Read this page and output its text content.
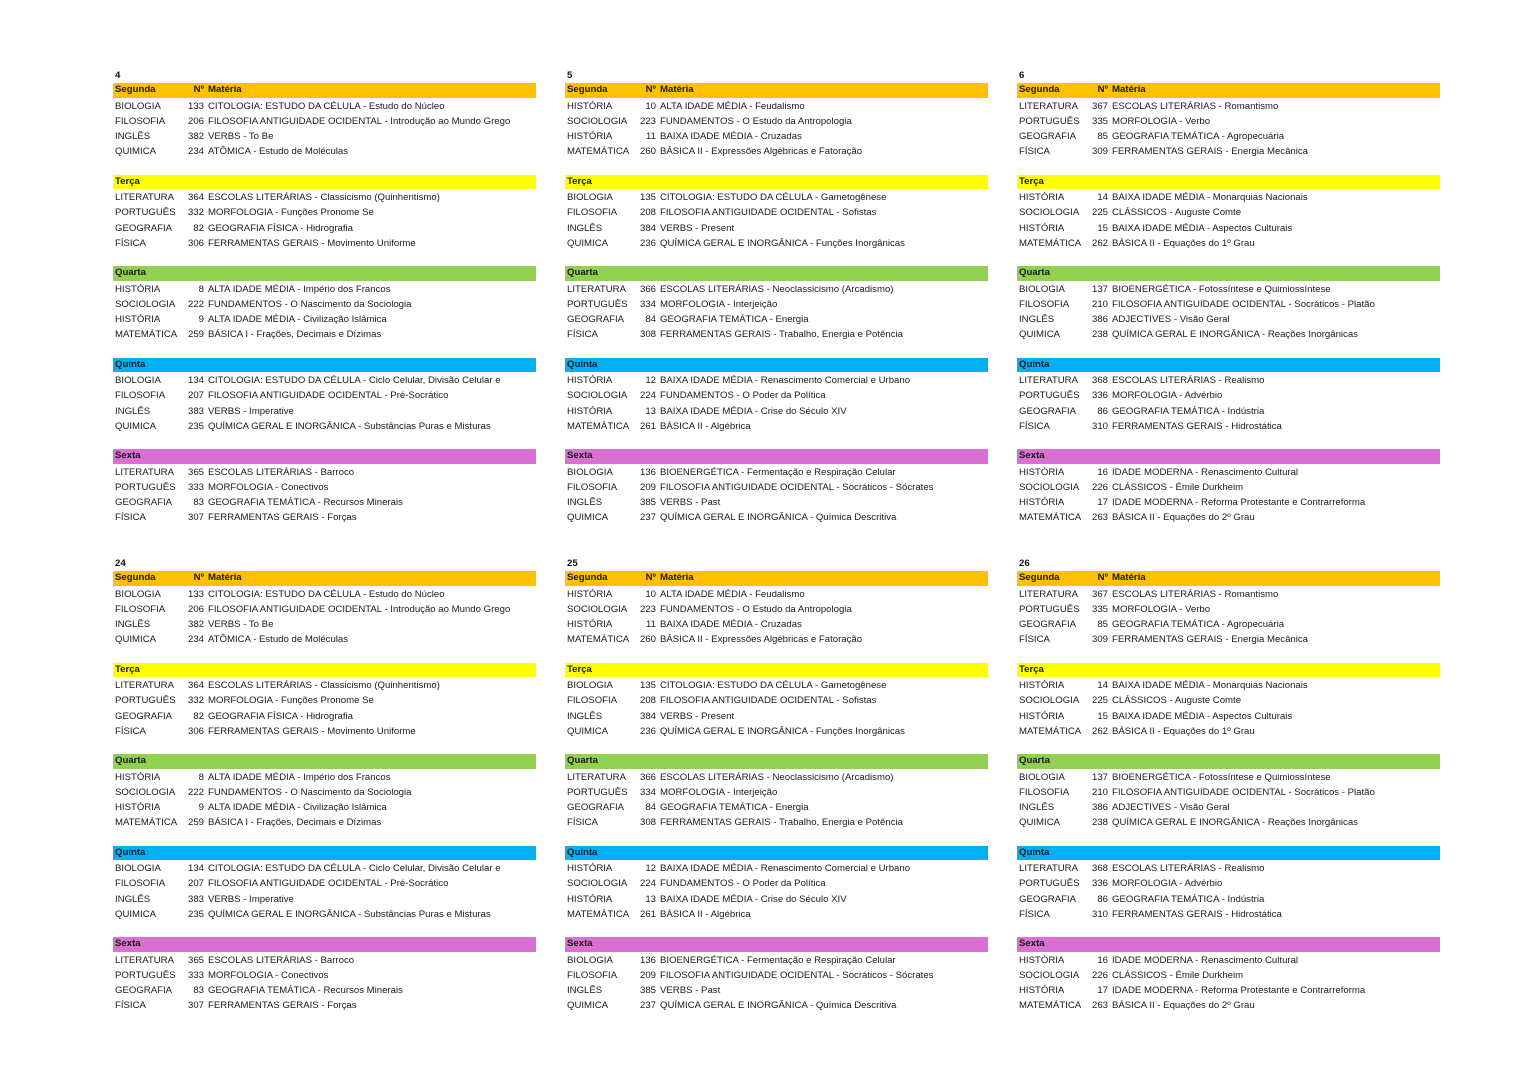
4
Segunda	Nº Matéria
BIOLOGIA	133 CITOLOGIA: ESTUDO DA CÉLULA - Estudo do Núcleo
FILOSOFIA	206 FILOSOFIA ANTIGUIDADE OCIDENTAL - Introdução ao Mundo Grego
INGLÊS	382 VERBS - To Be
QUIMICA	234 ATÔMICA - Estudo de Moléculas
Terça
LITERATURA	364 ESCOLAS LITERÁRIAS - Classicismo (Quinhentismo)
PORTUGUÊS	332 MORFOLOGIA - Funções Pronome Se
GEOGRAFIA	82 GEOGRAFIA FÍSICA - Hidrografia
FÍSICA	306 FERRAMENTAS GERAIS - Movimento Uniforme
Quarta
HISTÓRIA	8 ALTA IDADE MÉDIA - Império dos Francos
SOCIOLOGIA	222 FUNDAMENTOS - O Nascimento da Sociologia
HISTÓRIA	9 ALTA IDADE MÉDIA - Civilização Islâmica
MATEMÁTICA	259 BÁSICA I - Frações, Decimais e Dízimas
Quinta
BIOLOGIA	134 CITOLOGIA: ESTUDO DA CÉLULA - Ciclo Celular, Divisão Celular e
FILOSOFIA	207 FILOSOFIA ANTIGUIDADE OCIDENTAL - Pré-Socrático
INGLÊS	383 VERBS - Imperative
QUIMICA	235 QUÍMICA GERAL E INORGÂNICA - Substâncias Puras e Misturas
Sexta
LITERATURA	365 ESCOLAS LITERÁRIAS - Barroco
PORTUGUÊS	333 MORFOLOGIA - Conectivos
GEOGRAFIA	83 GEOGRAFIA TEMÁTICA - Recursos Minerais
FÍSICA	307 FERRAMENTAS GERAIS - Forças
5
Segunda	Nº Matéria
HISTÓRIA	10 ALTA IDADE MÉDIA - Feudalismo
SOCIOLOGIA	223 FUNDAMENTOS - O Estudo da Antropologia
HISTÓRIA	11 BAIXA IDADE MÉDIA - Cruzadas
MATEMÁTICA	260 BÁSICA II - Expressões Algébricas e Fatoração
Terça
BIOLOGIA	135 CITOLOGIA: ESTUDO DA CÉLULA - Gametogênese
FILOSOFIA	208 FILOSOFIA ANTIGUIDADE OCIDENTAL - Sofistas
INGLÊS	384 VERBS - Present
QUIMICA	236 QUÍMICA GERAL E INORGÂNICA - Funções Inorgânicas
Quarta
LITERATURA	366 ESCOLAS LITERÁRIAS - Neoclassicismo (Arcadismo)
PORTUGUÊS	334 MORFOLOGIA - Interjeição
GEOGRAFIA	84 GEOGRAFIA TEMÁTICA - Energia
FÍSICA	308 FERRAMENTAS GERAIS - Trabalho, Energia e Potência
Quinta
HISTÓRIA	12 BAIXA IDADE MÉDIA - Renascimento Comercial e Urbano
SOCIOLOGIA	224 FUNDAMENTOS - O Poder da Política
HISTÓRIA	13 BAIXA IDADE MÉDIA - Crise do Século XIV
MATEMÁTICA	261 BÁSICA II - Algébrica
Sexta
BIOLOGIA	136 BIOENERGÉTICA - Fermentação e Respiração Celular
FILOSOFIA	209 FILOSOFIA ANTIGUIDADE OCIDENTAL - Socráticos - Sócrates
INGLÊS	385 VERBS - Past
QUIMICA	237 QUÍMICA GERAL E INORGÂNICA - Química Descritiva
6
Segunda	Nº Matéria
LITERATURA	367 ESCOLAS LITERÁRIAS - Romantismo
PORTUGUÊS	335 MORFOLOGIA - Verbo
GEOGRAFIA	85 GEOGRAFIA TEMÁTICA - Agropecuária
FÍSICA	309 FERRAMENTAS GERAIS - Energia Mecânica
Terça
HISTÓRIA	14 BAIXA IDADE MÉDIA - Monarquias Nacionais
SOCIOLOGIA	225 CLÁSSICOS - Auguste Comte
HISTÓRIA	15 BAIXA IDADE MÉDIA - Aspectos Culturais
MATEMÁTICA	262 BÁSICA II - Equações do 1º Grau
Quarta
BIOLOGIA	137 BIOENERGÉTICA - Fotossíntese e Quimiossíntese
FILOSOFIA	210 FILOSOFIA ANTIGUIDADE OCIDENTAL - Socráticos - Platão
INGLÊS	386 ADJECTIVES - Visão Geral
QUIMICA	238 QUÍMICA GERAL E INORGÂNICA - Reações Inorgânicas
Quinta
LITERATURA	368 ESCOLAS LITERÁRIAS - Realismo
PORTUGUÊS	336 MORFOLOGIA - Advérbio
GEOGRAFIA	86 GEOGRAFIA TEMÁTICA - Indústria
FÍSICA	310 FERRAMENTAS GERAIS - Hidrostática
Sexta
HISTÓRIA	16 IDADE MODERNA - Renascimento Cultural
SOCIOLOGIA	226 CLÁSSICOS - Émile Durkheim
HISTÓRIA	17 IDADE MODERNA - Reforma Protestante e Contrarreforma
MATEMÁTICA	263 BÁSICA II - Equações do 2º Grau
24
Segunda	Nº Matéria
BIOLOGIA	133 CITOLOGIA: ESTUDO DA CÉLULA - Estudo do Núcleo
FILOSOFIA	206 FILOSOFIA ANTIGUIDADE OCIDENTAL - Introdução ao Mundo Grego
INGLÊS	382 VERBS - To Be
QUIMICA	234 ATÔMICA - Estudo de Moléculas
Terça
LITERATURA	364 ESCOLAS LITERÁRIAS - Classicismo (Quinhentismo)
PORTUGUÊS	332 MORFOLOGIA - Funções Pronome Se
GEOGRAFIA	82 GEOGRAFIA FÍSICA - Hidrografia
FÍSICA	306 FERRAMENTAS GERAIS - Movimento Uniforme
Quarta
HISTÓRIA	8 ALTA IDADE MÉDIA - Império dos Francos
SOCIOLOGIA	222 FUNDAMENTOS - O Nascimento da Sociologia
HISTÓRIA	9 ALTA IDADE MÉDIA - Civilização Islâmica
MATEMÁTICA	259 BÁSICA I - Frações, Decimais e Dízimas
Quinta
BIOLOGIA	134 CITOLOGIA: ESTUDO DA CÉLULA - Ciclo Celular, Divisão Celular e
FILOSOFIA	207 FILOSOFIA ANTIGUIDADE OCIDENTAL - Pré-Socrático
INGLÊS	383 VERBS - Imperative
QUIMICA	235 QUÍMICA GERAL E INORGÂNICA - Substâncias Puras e Misturas
Sexta
LITERATURA	365 ESCOLAS LITERÁRIAS - Barroco
PORTUGUÊS	333 MORFOLOGIA - Conectivos
GEOGRAFIA	83 GEOGRAFIA TEMÁTICA - Recursos Minerais
FÍSICA	307 FERRAMENTAS GERAIS - Forças
25
Segunda	Nº Matéria
HISTÓRIA	10 ALTA IDADE MÉDIA - Feudalismo
SOCIOLOGIA	223 FUNDAMENTOS - O Estudo da Antropologia
HISTÓRIA	11 BAIXA IDADE MÉDIA - Cruzadas
MATEMÁTICA	260 BÁSICA II - Expressões Algébricas e Fatoração
Terça
BIOLOGIA	135 CITOLOGIA: ESTUDO DA CÉLULA - Gametogênese
FILOSOFIA	208 FILOSOFIA ANTIGUIDADE OCIDENTAL - Sofistas
INGLÊS	384 VERBS - Present
QUIMICA	236 QUÍMICA GERAL E INORGÂNICA - Funções Inorgânicas
Quarta
LITERATURA	366 ESCOLAS LITERÁRIAS - Neoclassicismo (Arcadismo)
PORTUGUÊS	334 MORFOLOGIA - Interjeição
GEOGRAFIA	84 GEOGRAFIA TEMÁTICA - Energia
FÍSICA	308 FERRAMENTAS GERAIS - Trabalho, Energia e Potência
Quinta
HISTÓRIA	12 BAIXA IDADE MÉDIA - Renascimento Comercial e Urbano
SOCIOLOGIA	224 FUNDAMENTOS - O Poder da Política
HISTÓRIA	13 BAIXA IDADE MÉDIA - Crise do Século XIV
MATEMÁTICA	261 BÁSICA II - Algébrica
Sexta
BIOLOGIA	136 BIOENERGÉTICA - Fermentação e Respiração Celular
FILOSOFIA	209 FILOSOFIA ANTIGUIDADE OCIDENTAL - Socráticos - Sócrates
INGLÊS	385 VERBS - Past
QUIMICA	237 QUÍMICA GERAL E INORGÂNICA - Química Descritiva
26
Segunda	Nº Matéria
LITERATURA	367 ESCOLAS LITERÁRIAS - Romantismo
PORTUGUÊS	335 MORFOLOGIA - Verbo
GEOGRAFIA	85 GEOGRAFIA TEMÁTICA - Agropecuária
FÍSICA	309 FERRAMENTAS GERAIS - Energia Mecânica
Terça
HISTÓRIA	14 BAIXA IDADE MÉDIA - Monarquias Nacionais
SOCIOLOGIA	225 CLÁSSICOS - Auguste Comte
HISTÓRIA	15 BAIXA IDADE MÉDIA - Aspectos Culturais
MATEMÁTICA	262 BÁSICA II - Equações do 1º Grau
Quarta
BIOLOGIA	137 BIOENERGÉTICA - Fotossíntese e Quimiossíntese
FILOSOFIA	210 FILOSOFIA ANTIGUIDADE OCIDENTAL - Socráticos - Platão
INGLÊS	386 ADJECTIVES - Visão Geral
QUIMICA	238 QUÍMICA GERAL E INORGÂNICA - Reações Inorgânicas
Quinta
LITERATURA	368 ESCOLAS LITERÁRIAS - Realismo
PORTUGUÊS	336 MORFOLOGIA - Advérbio
GEOGRAFIA	86 GEOGRAFIA TEMÁTICA - Indústria
FÍSICA	310 FERRAMENTAS GERAIS - Hidrostática
Sexta
HISTÓRIA	16 IDADE MODERNA - Renascimento Cultural
SOCIOLOGIA	226 CLÁSSICOS - Émile Durkheim
HISTÓRIA	17 IDADE MODERNA - Reforma Protestante e Contrarreforma
MATEMÁTICA	263 BÁSICA II - Equações do 2º Grau
